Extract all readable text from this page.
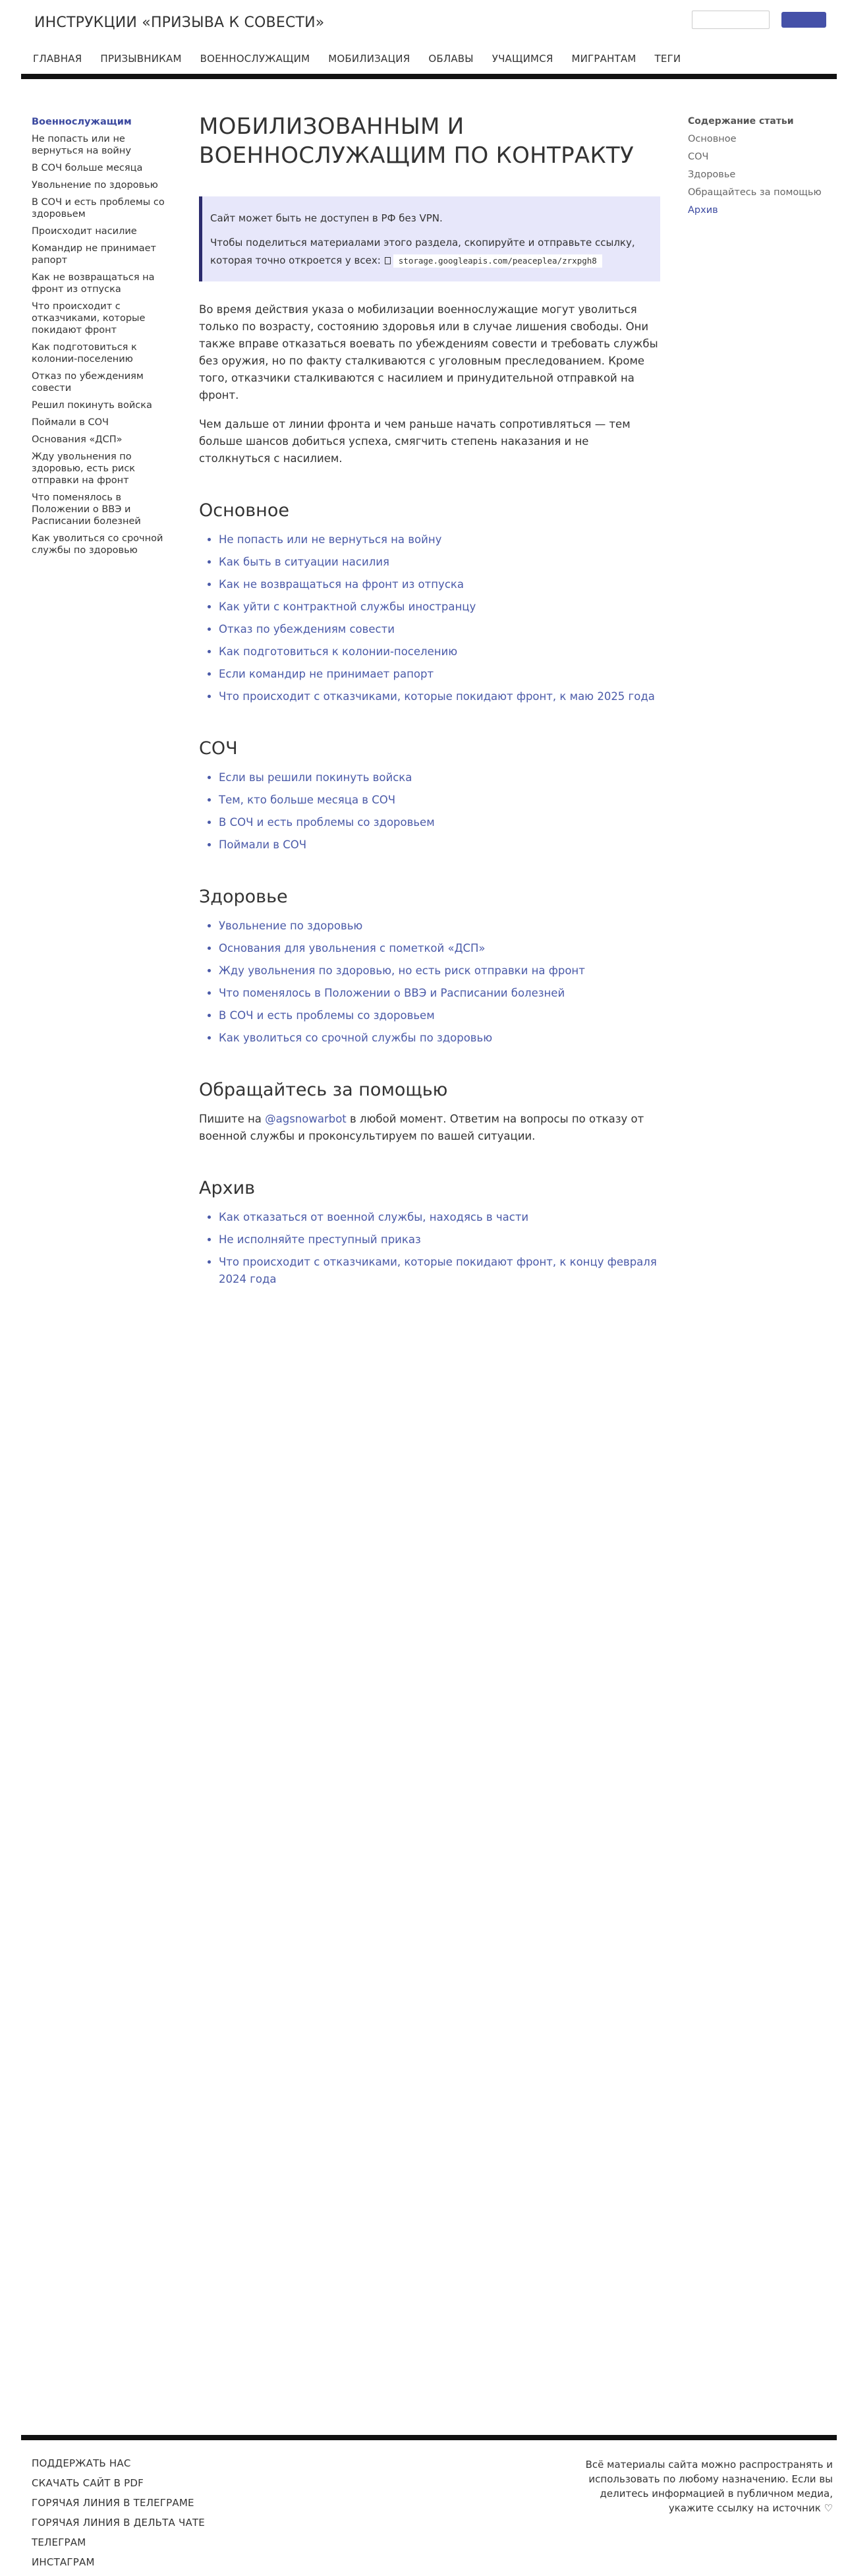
ИНСТРУКЦИИ «ПРИЗЫВА К СОВЕСТИ»
ГЛАВНАЯ ПРИЗЫВНИКАМ ВОЕННОСЛУЖАЩИМ МОБИЛИЗАЦИЯ ОБЛАВЫ УЧАЩИМСЯ МИГРАНТАМ ТЕГИ
Военнослужащим
Не попасть или не вернуться на войну
В СОЧ больше месяца
Увольнение по здоровью
В СОЧ и есть проблемы со здоровьем
Происходит насилие
Командир не принимает рапорт
Как не возвращаться на фронт из отпуска
Что происходит с отказчиками, которые покидают фронт
Как подготовиться к колонии-поселению
Отказ по убеждениям совести
Решил покинуть войска
Поймали в СОЧ
Основания «ДСП»
Жду увольнения по здоровью, есть риск отправки на фронт
Что поменялось в Положении о ВВЭ и Расписании болезней
Как уволиться со срочной службы по здоровью
МОБИЛИЗОВАННЫМ И ВОЕННОСЛУЖАЩИМ ПО КОНТРАКТУ

Сайт может быть не доступен в РФ без VPN.

Чтобы поделиться материалами этого раздела, скопируйте и отправьте ссылку, которая точно откроется у всех: storage.googleapis.com/peaceplea/zrxpgh8

Во время действия указа о мобилизации военнослужащие могут уволиться только по возрасту, состоянию здоровья или в случае лишения свободы. Они также вправе отказаться воевать по убеждениям совести и требовать службы без оружия, но по факту сталкиваются с уголовным преследованием. Кроме того, отказчики сталкиваются с насилием и принудительной отправкой на фронт.

Чем дальше от линии фронта и чем раньше начать сопротивляться — тем больше шансов добиться успеха, смягчить степень наказания и не столкнуться с насилием.

Основное
• Не попасть или не вернуться на войну
• Как быть в ситуации насилия
• Как не возвращаться на фронт из отпуска
• Как уйти с контрактной службы иностранцу
• Отказ по убеждениям совести
• Как подготовиться к колонии-поселению
• Если командир не принимает рапорт
• Что происходит с отказчиками, которые покидают фронт, к маю 2025 года
СОЧ
• Если вы решили покинуть войска
• Тем, кто больше месяца в СОЧ
• В СОЧ и есть проблемы со здоровьем
• Поймали в СОЧ
Здоровье
• Увольнение по здоровью
• Основания для увольнения с пометкой «ДСП»
• Жду увольнения по здоровью, но есть риск отправки на фронт
• Что поменялось в Положении о ВВЭ и Расписании болезней
• В СОЧ и есть проблемы со здоровьем
• Как уволиться со срочной службы по здоровью
Обращайтесь за помощью

Пишите на @agsnowarbot в любой момент. Ответим на вопросы по отказу от военной службы и проконсультируем по вашей ситуации.

Архив
• Как отказаться от военной службы, находясь в части
• Не исполняйте преступный приказ
• Что происходит с отказчиками, которые покидают фронт, к концу февраля 2024 года
Содержание статьи
Основное
СОЧ
Здоровье
Обращайтесь за помощью
Архив
ПОДДЕРЖАТЬ НАС
СКАЧАТЬ САЙТ В PDF
ГОРЯЧАЯ ЛИНИЯ В ТЕЛЕГРАМЕ
ГОРЯЧАЯ ЛИНИЯ В ДЕЛЬТА ЧАТЕ
ТЕЛЕГРАМ
ИНСТАГРАМ
Всё материалы сайта можно распространять и использовать по любому назначению. Если вы делитесь информацией в публичном медиа, укажите ссылку на источник ♡
